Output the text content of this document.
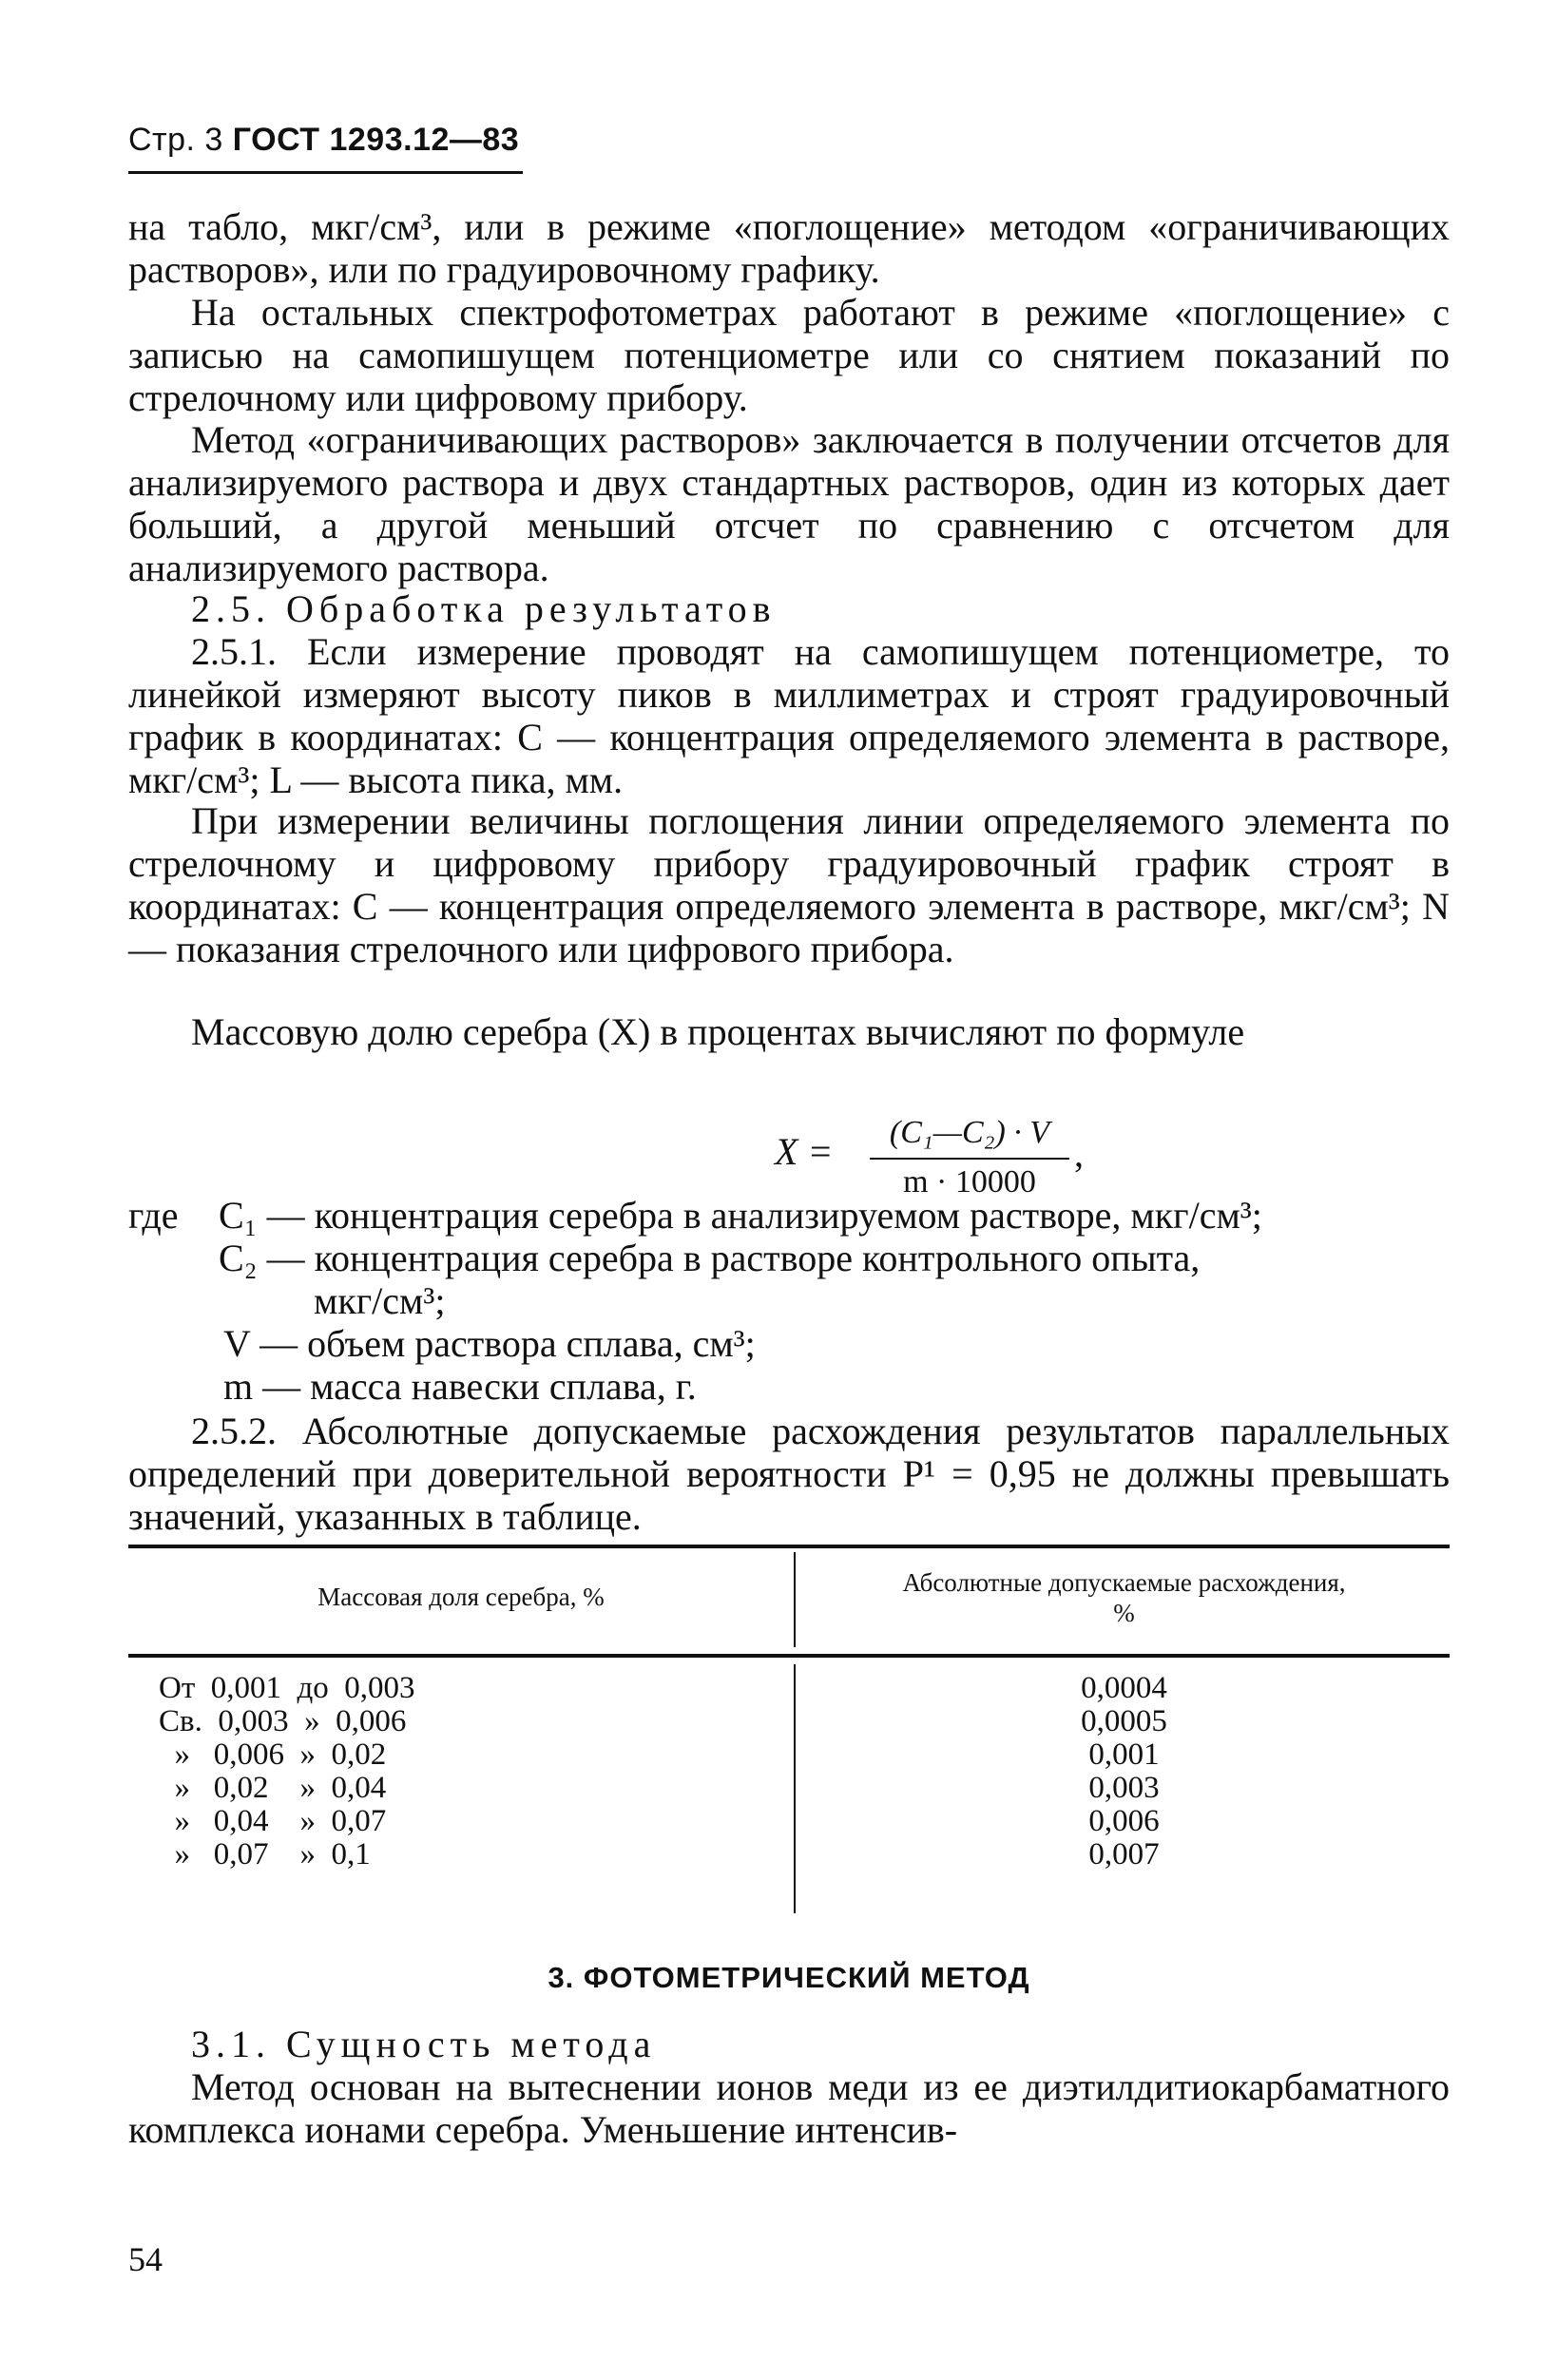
Стр. 3 ГОСТ 1293.12—83
на табло, мкг/см³, или в режиме «поглощение» методом «ограничивающих растворов», или по градуировочному графику.
На остальных спектрофотометрах работают в режиме «поглощение» с записью на самопишущем потенциометре или со снятием показаний по стрелочному или цифровому прибору.
Метод «ограничивающих растворов» заключается в получении отсчетов для анализируемого раствора и двух стандартных растворов, один из которых дает больший, а другой меньший отсчет по сравнению с отсчетом для анализируемого раствора.
2.5. Обработка результатов
2.5.1. Если измерение проводят на самопишущем потенциометре, то линейкой измеряют высоту пиков в миллиметрах и строят градуировочный график в координатах: C — концентрация определяемого элемента в растворе, мкг/см³; L — высота пика, мм.
При измерении величины поглощения линии определяемого элемента по стрелочному и цифровому прибору градуировочный график строят в координатах: C — концентрация определяемого элемента в растворе, мкг/см³; N — показания стрелочного или цифрового прибора.
Массовую долю серебра (X) в процентах вычисляют по формуле
X =	(C₁—C₂) · V
m · 10000
,
где C₁ — концентрация серебра в анализируемом растворе, мкг/см³;
C₂ — концентрация серебра в растворе контрольного опыта,
мкг/см³;
V — объем раствора сплава, см³;
m — масса навески сплава, г.
2.5.2. Абсолютные допускаемые расхождения результатов параллельных определений при доверительной вероятности P¹ = 0,95 не должны превышать значений, указанных в таблице.
Массовая доля серебра, %	Абсолютные допускаемые расхождения,
%
От  0,001  до  0,003
Св.  0,003  »  0,006
»   0,006  »  0,02
»   0,02    »  0,04
»   0,04    »  0,07
»   0,07    »  0,1
0,0004
0,0005
0,001
0,003
0,006
0,007
3. ФОТОМЕТРИЧЕСКИЙ МЕТОД
3.1. Сущность метода
Метод основан на вытеснении ионов меди из ее диэтилдитиокарбаматного комплекса ионами серебра. Уменьшение интенсив-
54
